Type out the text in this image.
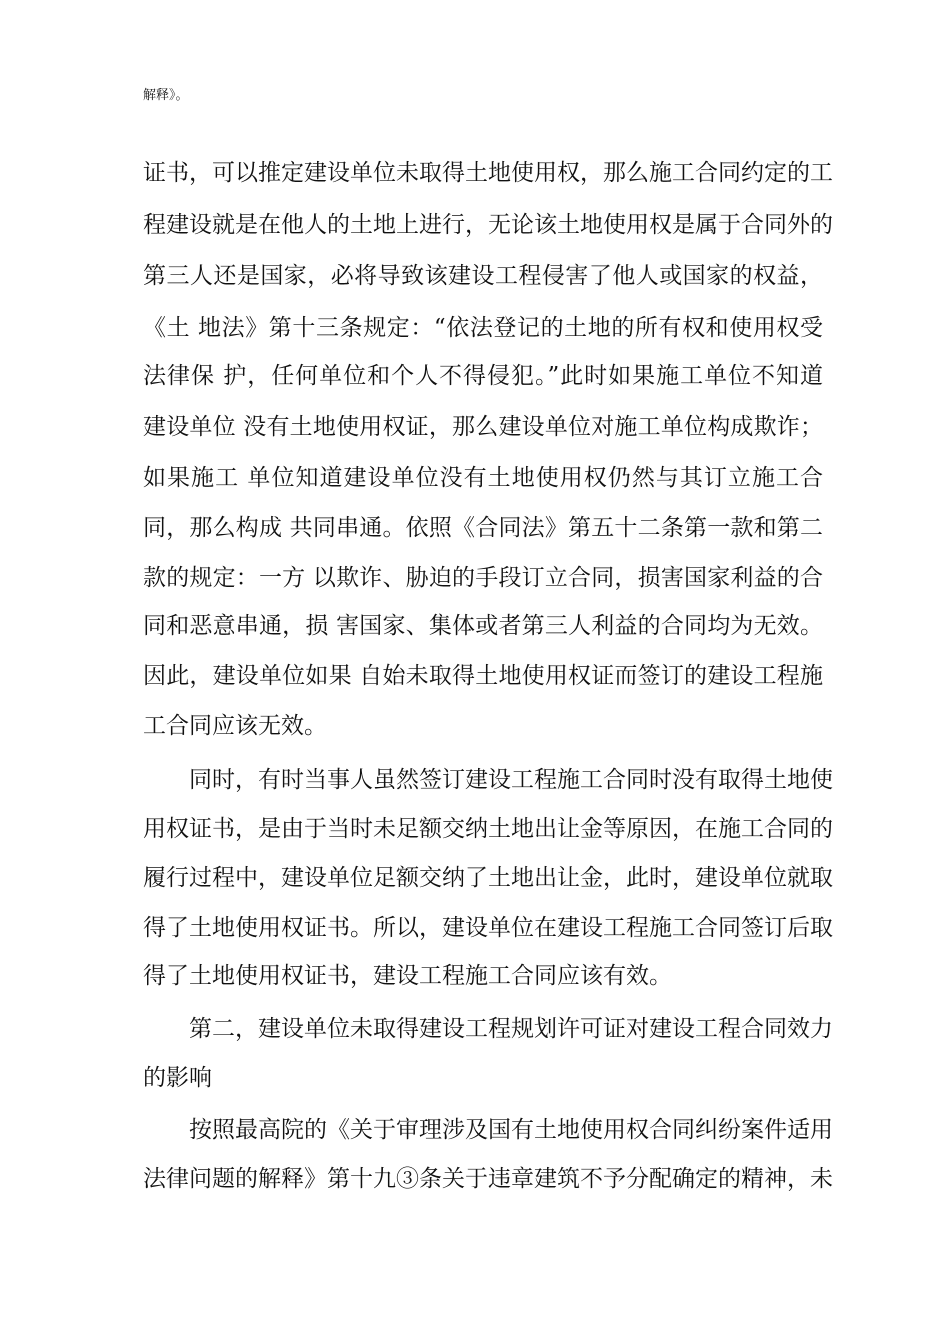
解释》。
证书，可以推定建设单位未取得土地使用权，那么施工合同约定的工
程建设就是在他人的土地上进行，无论该土地使用权是属于合同外的
第三人还是国家，必将导致该建设工程侵害了他人或国家的权益，
《土 地法》第十三条规定：“依法登记的土地的所有权和使用权受
法律保 护，任何单位和个人不得侵犯。”此时如果施工单位不知道
建设单位 没有土地使用权证，那么建设单位对施工单位构成欺诈；
如果施工 单位知道建设单位没有土地使用权仍然与其订立施工合
同，那么构成 共同串通。依照《合同法》第五十二条第一款和第二
款的规定：一方 以欺诈、胁迫的手段订立合同，损害国家利益的合
同和恶意串通，损 害国家、集体或者第三人利益的合同均为无效。
因此，建设单位如果 自始未取得土地使用权证而签订的建设工程施
工合同应该无效。
同时，有时当事人虽然签订建设工程施工合同时没有取得土地使
用权证书，是由于当时未足额交纳土地出让金等原因，在施工合同的
履行过程中，建设单位足额交纳了土地出让金，此时，建设单位就取
得了土地使用权证书。所以，建设单位在建设工程施工合同签订后取
得了土地使用权证书，建设工程施工合同应该有效。
第二，建设单位未取得建设工程规划许可证对建设工程合同效力
的影响
按照最高院的《关于审理涉及国有土地使用权合同纠纷案件适用
法律问题的解释》第十九③条关于违章建筑不予分配确定的精神，未
